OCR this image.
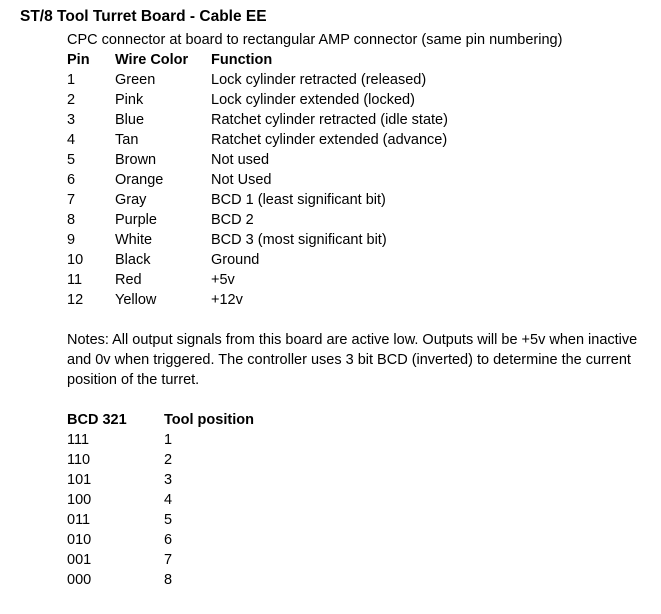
ST/8 Tool Turret Board - Cable EE
CPC connector at board to rectangular AMP connector (same pin numbering)
Pin Wire Color Function
1	Green	Lock cylinder retracted (released)
2	Pink	Lock cylinder extended (locked)
3	Blue	Ratchet cylinder retracted (idle state)
4	Tan	Ratchet cylinder extended (advance)
5	Brown	Not used
6	Orange	Not Used
7	Gray	BCD 1 (least significant bit)
8	Purple	BCD 2
9	White	BCD 3 (most significant bit)
10 Black	Ground
11 Red	+5v
12 Yellow	+12v
Notes: All output signals from this board are active low. Outputs will be +5v when inactive and 0v when triggered. The controller uses 3 bit BCD (inverted) to determine the current position of the turret.
BCD 321	Tool position
111	1
110	2
101	3
100	4
011	5
010	6
001	7
000	8
